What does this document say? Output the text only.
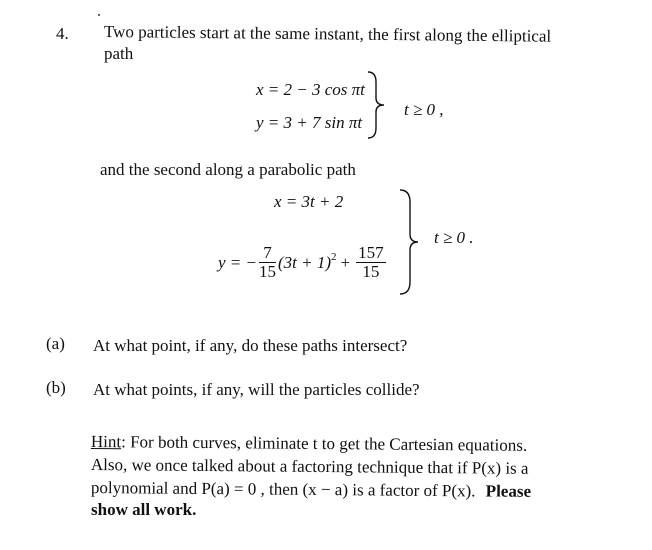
4. Two particles start at the same instant, the first along the elliptical
path
x = 2 − 3 cos πt
y = 3 + 7 sin πt
t ≥ 0 ,
and the second along a parabolic path
x = 3t + 2
y = − $\frac{7}{15} (3t + 1)^2 + \frac{157}{15}$
t ≥ 0 .
(a) At what point, if any, do these paths intersect?
(b) At what points, if any, will the particles collide?
Hint: For both curves, eliminate t to get the Cartesian equations.
Also, we once talked about a factoring technique that if P(x) is a
polynomial and P(a) = 0 , then (x − a) is a factor of P(x). Please
show all work.
